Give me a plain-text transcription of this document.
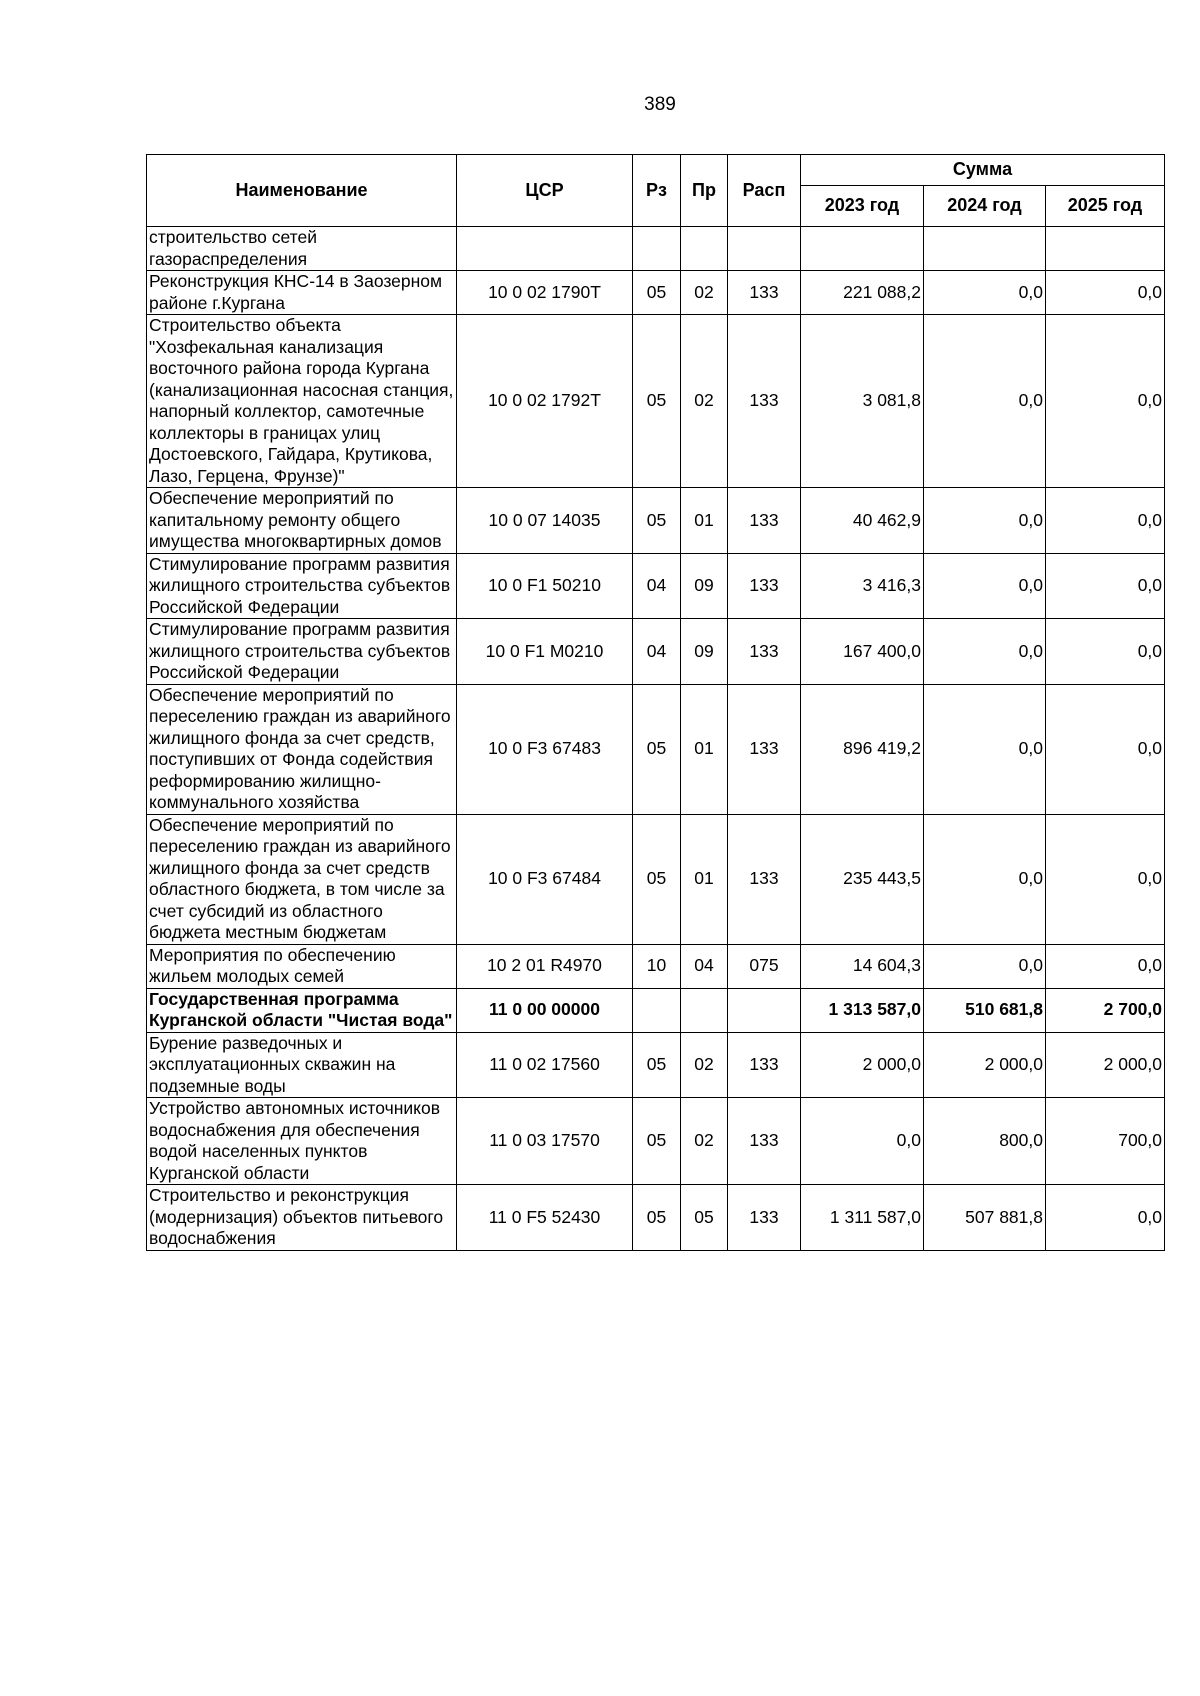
389
Наименование	ЦСР	Рз	Пр	Расп	Сумма		
					2023 год	2024 год	2025 год
строительство сетей газораспределения							
Реконструкция КНС-14 в Заозерном районе г.Кургана	10 0 02 1790Т	05	02	133	221 088,2	0,0	0,0
Строительство объекта "Хозфекальная канализация восточного района города Кургана (канализационная насосная станция, напорный коллектор, самотечные коллекторы в границах улиц Достоевского, Гайдара, Крутикова, Лазо, Герцена, Фрунзе)"	10 0 02 1792Т	05	02	133	3 081,8	0,0	0,0
Обеспечение мероприятий по капитальному ремонту общего имущества многоквартирных домов	10 0 07 14035	05	01	133	40 462,9	0,0	0,0
Стимулирование программ развития жилищного строительства субъектов Российской Федерации	10 0 F1 50210	04	09	133	3 416,3	0,0	0,0
Стимулирование программ развития жилищного строительства субъектов Российской Федерации	10 0 F1 М0210	04	09	133	167 400,0	0,0	0,0
Обеспечение мероприятий по переселению граждан из аварийного жилищного фонда за счет средств, поступивших от Фонда содействия реформированию жилищно-коммунального хозяйства	10 0 F3 67483	05	01	133	896 419,2	0,0	0,0
Обеспечение мероприятий по переселению граждан из аварийного жилищного фонда за счет средств областного бюджета, в том числе за счет субсидий из областного бюджета местным бюджетам	10 0 F3 67484	05	01	133	235 443,5	0,0	0,0
Мероприятия по обеспечению жильем молодых семей	10 2 01 R4970	10	04	075	14 604,3	0,0	0,0
Государственная программа Курганской области "Чистая вода"	11 0 00 00000				1 313 587,0	510 681,8	2 700,0
Бурение разведочных и эксплуатационных скважин на подземные воды	11 0 02 17560	05	02	133	2 000,0	2 000,0	2 000,0
Устройство автономных источников водоснабжения для обеспечения водой населенных пунктов Курганской области	11 0 03 17570	05	02	133	0,0	800,0	700,0
Строительство и реконструкция (модернизация) объектов питьевого водоснабжения	11 0 F5 52430	05	05	133	1 311 587,0	507 881,8	0,0
